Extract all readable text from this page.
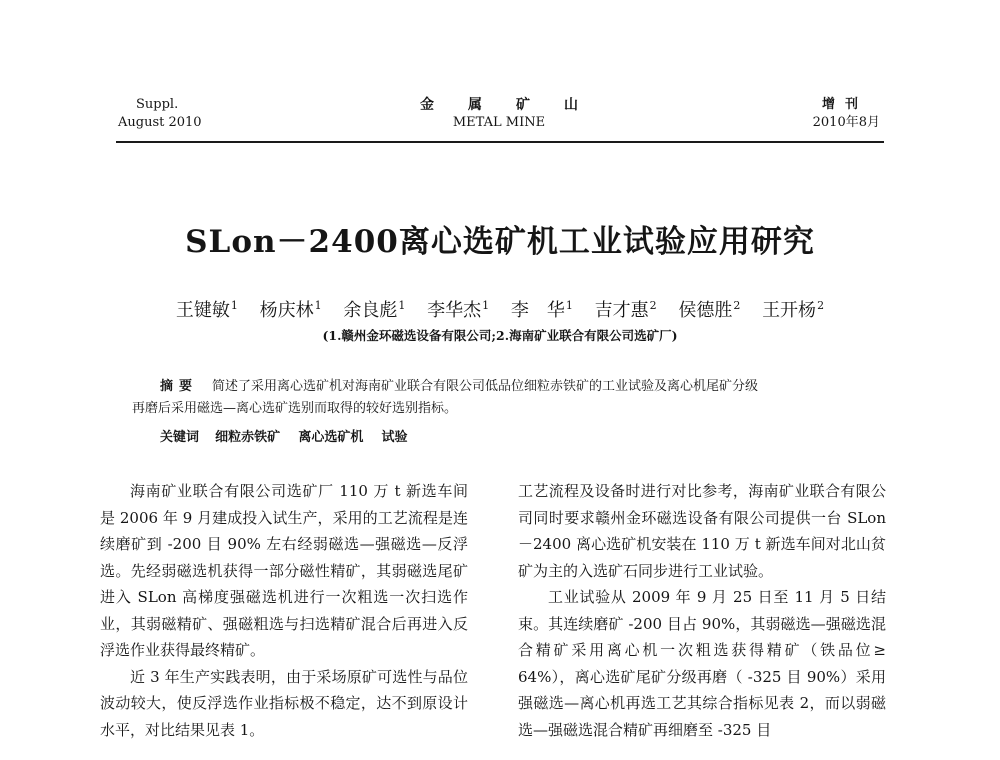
Suppl.
August 2010
金属矿山
METAL MINE
增刊
2010年8月
SLon－2400离心选矿机工业试验应用研究
王键敏$^1$ 杨庆林$^1$ 余良彪$^1$ 李华杰$^1$ 李　华$^1$ 吉才惠$^2$ 侯德胜$^2$ 王开杨$^2$
(1.赣州金环磁选设备有限公司;2.海南矿业联合有限公司选矿厂)
摘要 简述了采用离心选矿机对海南矿业联合有限公司低品位细粒赤铁矿的工业试验及离心机尾矿分级
再磨后采用磁选—离心选矿选别而取得的较好选别指标。
关键词 细粒赤铁矿 离心选矿机 试验

海南矿业联合有限公司选矿厂 110 万 t 新选车间是 2006 年 9 月建成投入试生产，采用的工艺流程是连续磨矿到 -200 目 90% 左右经弱磁选—强磁选—反浮选。先经弱磁选机获得一部分磁性精矿，其弱磁选尾矿进入 SLon 高梯度强磁选机进行一次粗选一次扫选作业，其弱磁精矿、强磁粗选与扫选精矿混合后再进入反浮选作业获得最终精矿。

近 3 年生产实践表明，由于采场原矿可选性与品位波动较大，使反浮选作业指标极不稳定，达不到原设计水平，对比结果见表 1。

工艺流程及设备时进行对比参考，海南矿业联合有限公司同时要求赣州金环磁选设备有限公司提供一台 SLon－2400 离心选矿机安装在 110 万 t 新选车间对北山贫矿为主的入选矿石同步进行工业试验。

工业试验从 2009 年 9 月 25 日至 11 月 5 日结束。其连续磨矿 -200 目占 90%，其弱磁选—强磁选混合精矿采用离心机一次粗选获得精矿（铁品位≥ 64%），离心选矿尾矿分级再磨（ -325 目 90%）采用强磁选—离心机再选工艺其综合指标见表 2，而以弱磁选—强磁选混合精矿再细磨至 -325 目
